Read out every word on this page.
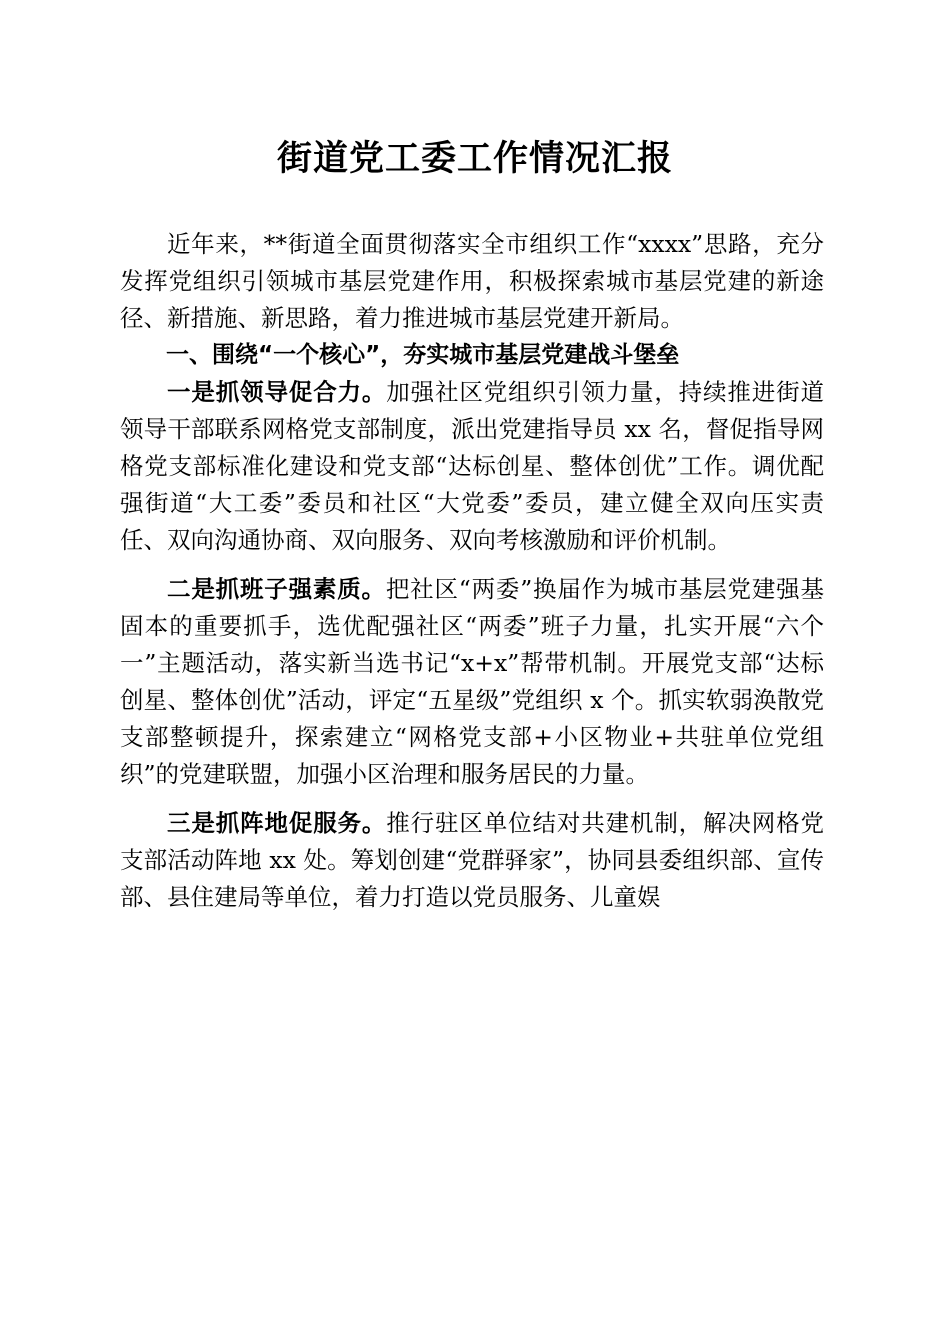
街道党工委工作情况汇报

近年来，**街道全面贯彻落实全市组织工作“xxxx”思路，充分发挥党组织引领城市基层党建作用，积极探索城市基层党建的新途径、新措施、新思路，着力推进城市基层党建开新局。

一、围绕“一个核心”，夯实城市基层党建战斗堡垒

一是抓领导促合力。加强社区党组织引领力量，持续推进街道领导干部联系网格党支部制度，派出党建指导员 xx 名，督促指导网格党支部标准化建设和党支部“达标创星、整体创优”工作。调优配强街道“大工委”委员和社区“大党委”委员，建立健全双向压实责任、双向沟通协商、双向服务、双向考核激励和评价机制。

二是抓班子强素质。把社区“两委”换届作为城市基层党建强基固本的重要抓手，选优配强社区“两委”班子力量，扎实开展“六个一”主题活动，落实新当选书记“x+x”帮带机制。开展党支部“达标创星、整体创优”活动，评定“五星级”党组织 x 个。抓实软弱涣散党支部整顿提升，探索建立“网格党支部+小区物业+共驻单位党组织”的党建联盟，加强小区治理和服务居民的力量。

三是抓阵地促服务。推行驻区单位结对共建机制，解决网格党支部活动阵地 xx 处。筹划创建“党群驿家”，协同县委组织部、宣传部、县住建局等单位，着力打造以党员服务、儿童娱
